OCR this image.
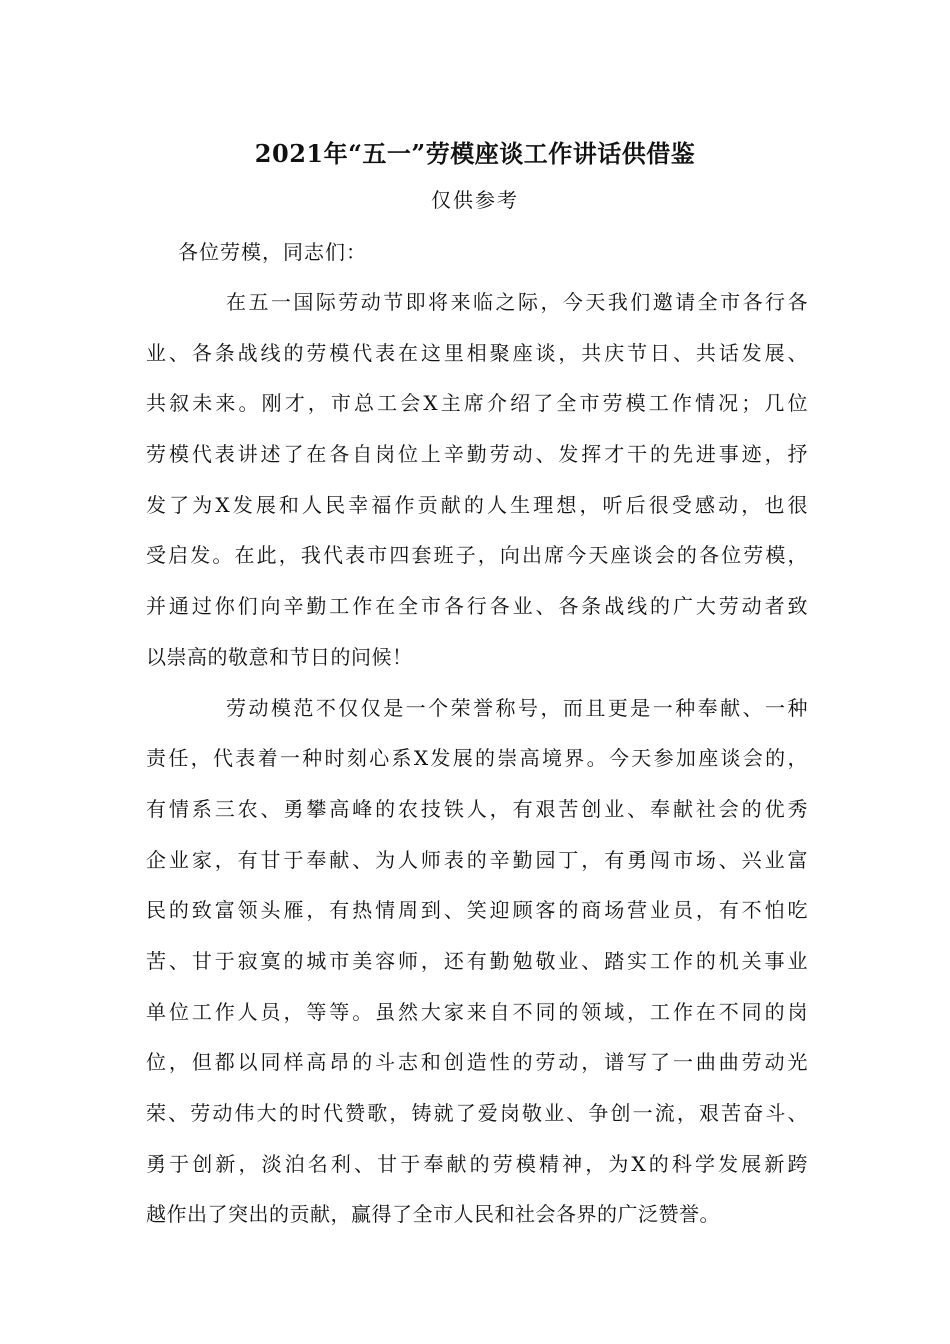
2021年“五一”劳模座谈工作讲话供借鉴
仅供参考
各位劳模，同志们：
在五一国际劳动节即将来临之际，今天我们邀请全市各行各
业、各条战线的劳模代表在这里相聚座谈，共庆节日、共话发展、
共叙未来。刚才，市总工会X主席介绍了全市劳模工作情况；几位
劳模代表讲述了在各自岗位上辛勤劳动、发挥才干的先进事迹，抒
发了为X发展和人民幸福作贡献的人生理想，听后很受感动，也很
受启发。在此，我代表市四套班子，向出席今天座谈会的各位劳模，
并通过你们向辛勤工作在全市各行各业、各条战线的广大劳动者致
以崇高的敬意和节日的问候！
劳动模范不仅仅是一个荣誉称号，而且更是一种奉献、一种
责任，代表着一种时刻心系X发展的崇高境界。今天参加座谈会的，
有情系三农、勇攀高峰的农技铁人，有艰苦创业、奉献社会的优秀
企业家，有甘于奉献、为人师表的辛勤园丁，有勇闯市场、兴业富
民的致富领头雁，有热情周到、笑迎顾客的商场营业员，有不怕吃
苦、甘于寂寞的城市美容师，还有勤勉敬业、踏实工作的机关事业
单位工作人员，等等。虽然大家来自不同的领域，工作在不同的岗
位，但都以同样高昂的斗志和创造性的劳动，谱写了一曲曲劳动光
荣、劳动伟大的时代赞歌，铸就了爱岗敬业、争创一流，艰苦奋斗、
勇于创新，淡泊名利、甘于奉献的劳模精神，为X的科学发展新跨
越作出了突出的贡献，赢得了全市人民和社会各界的广泛赞誉。
